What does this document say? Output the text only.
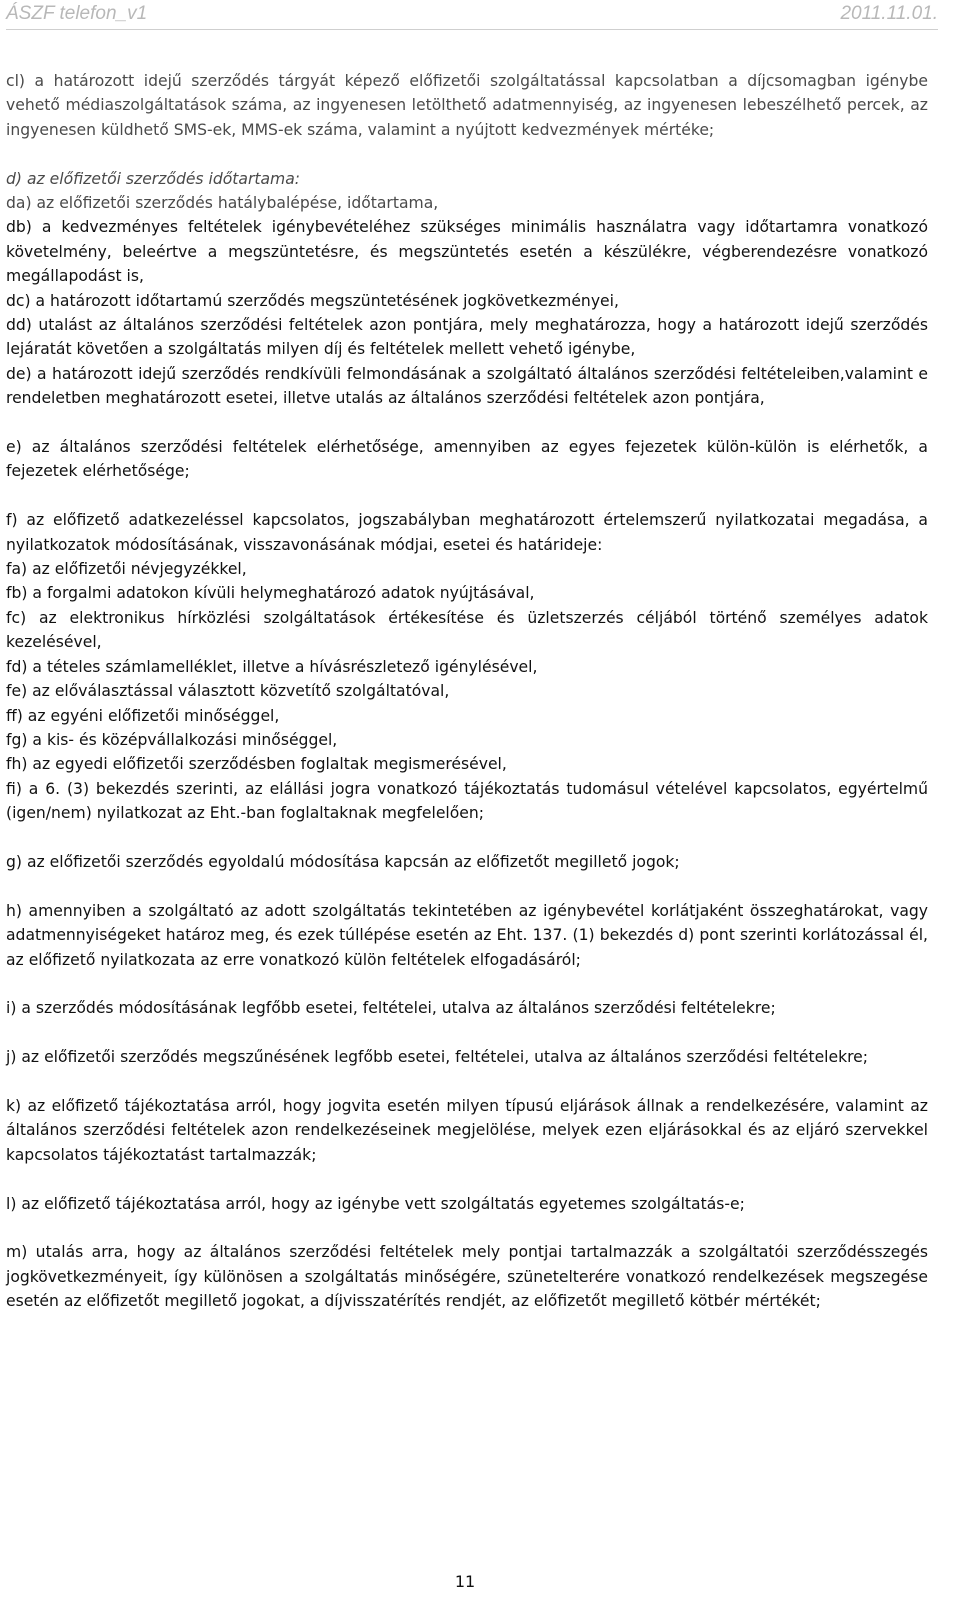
ÁSZF telefon_v1	2011.11.01.

cl) a határozott idejű szerződés tárgyát képező előfizetői szolgáltatással kapcsolatban a díjcsomagban igénybe vehető médiaszolgáltatások száma, az ingyenesen letölthető adatmennyiség, az ingyenesen lebeszélhető percek, az ingyenesen küldhető SMS-ek, MMS-ek száma, valamint a nyújtott kedvezmények mértéke;

d) az előfizetői szerződés időtartama:

da) az előfizetői szerződés hatálybalépése, időtartama,

db) a kedvezményes feltételek igénybevételéhez szükséges minimális használatra vagy időtartamra vonatkozó követelmény, beleértve a megszüntetésre, és megszüntetés esetén a készülékre, végberendezésre vonatkozó megállapodást is,

dc) a határozott időtartamú szerződés megszüntetésének jogkövetkezményei,

dd) utalást az általános szerződési feltételek azon pontjára, mely meghatározza, hogy a határozott idejű szerződés lejáratát követően a szolgáltatás milyen díj és feltételek mellett vehető igénybe,

de) a határozott idejű szerződés rendkívüli felmondásának a szolgáltató általános szerződési feltételeiben,valamint e rendeletben meghatározott esetei, illetve utalás az általános szerződési feltételek azon pontjára,

e) az általános szerződési feltételek elérhetősége, amennyiben az egyes fejezetek külön-külön is elérhetők, a fejezetek elérhetősége;

f) az előfizető adatkezeléssel kapcsolatos, jogszabályban meghatározott értelemszerű nyilatkozatai megadása, a nyilatkozatok módosításának, visszavonásának módjai, esetei és határideje:

fa) az előfizetői névjegyzékkel,

fb) a forgalmi adatokon kívüli helymeghatározó adatok nyújtásával,

fc) az elektronikus hírközlési szolgáltatások értékesítése és üzletszerzés céljából történő személyes adatok kezelésével,

fd) a tételes számlamelléklet, illetve a hívásrészletező igénylésével,

fe) az előválasztással választott közvetítő szolgáltatóval,

ff) az egyéni előfizetői minőséggel,

fg) a kis- és középvállalkozási minőséggel,

fh) az egyedi előfizetői szerződésben foglaltak megismerésével,

fi) a 6. (3) bekezdés szerinti, az elállási jogra vonatkozó tájékoztatás tudomásul vételével kapcsolatos, egyértelmű (igen/nem) nyilatkozat az Eht.-ban foglaltaknak megfelelően;

g) az előfizetői szerződés egyoldalú módosítása kapcsán az előfizetőt megillető jogok;

h) amennyiben a szolgáltató az adott szolgáltatás tekintetében az igénybevétel korlátjaként összeghatárokat, vagy adatmennyiségeket határoz meg, és ezek túllépése esetén az Eht. 137. (1) bekezdés d) pont szerinti korlátozással él, az előfizető nyilatkozata az erre vonatkozó külön feltételek elfogadásáról;

i) a szerződés módosításának legfőbb esetei, feltételei, utalva az általános szerződési feltételekre;

j) az előfizetői szerződés megszűnésének legfőbb esetei, feltételei, utalva az általános szerződési feltételekre;

k) az előfizető tájékoztatása arról, hogy jogvita esetén milyen típusú eljárások állnak a rendelkezésére, valamint az általános szerződési feltételek azon rendelkezéseinek megjelölése, melyek ezen eljárásokkal és az eljáró szervekkel kapcsolatos tájékoztatást tartalmazzák;

l) az előfizető tájékoztatása arról, hogy az igénybe vett szolgáltatás egyetemes szolgáltatás-e;

m) utalás arra, hogy az általános szerződési feltételek mely pontjai tartalmazzák a szolgáltatói szerződésszegés jogkövetkezményeit, így különösen a szolgáltatás minőségére, szünetelterére vonatkozó rendelkezések megszegése esetén az előfizetőt megillető jogokat, a díjvisszatérítés rendjét, az előfizetőt megillető kötbér mértékét;

11
